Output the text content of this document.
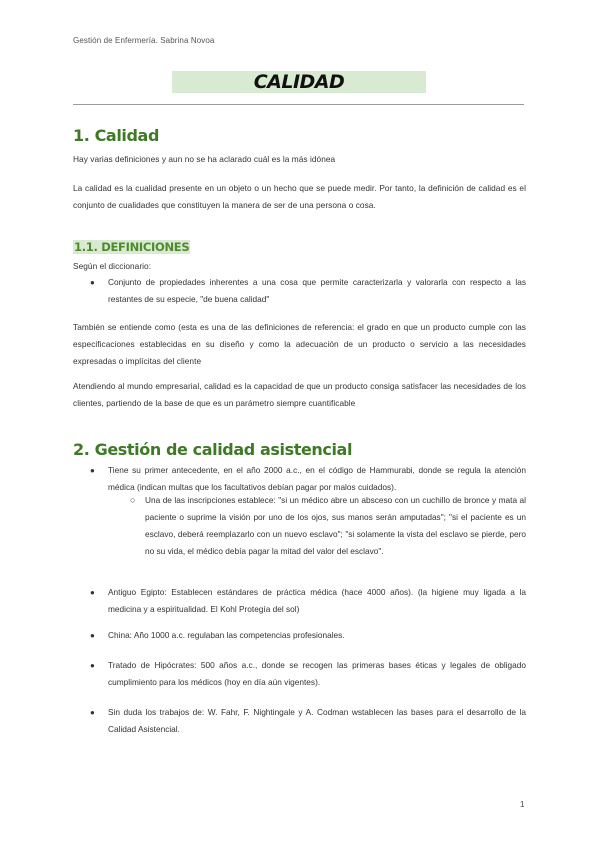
Gestión de Enfermería. Sabrina Novoa
CALIDAD
1. Calidad
Hay varias definiciones y aun no se ha aclarado cuál es la más idónea
La calidad es la cualidad presente en un objeto o un hecho que se puede medir. Por tanto, la definición de calidad es el conjunto de cualidades que constituyen la manera de ser de una persona o cosa.
1.1. DEFINICIONES
Según el diccionario:
● Conjunto de propiedades inherentes a una cosa que permite caracterizarla y valorarla con respecto a las restantes de su especie, "de buena calidad"
También se entiende como (esta es una de las definiciones de referencia: el grado en que un producto cumple con las especificaciones establecidas en su diseño y como la adecuación de un producto o servicio a las necesidades expresadas o implícitas del cliente
Atendiendo al mundo empresarial, calidad es la capacidad de que un producto consiga satisfacer las necesidades de los clientes, partiendo de la base de que es un parámetro siempre cuantificable
2. Gestión de calidad asistencial
● Tiene su primer antecedente, en el año 2000 a.c., en el código de Hammurabi, donde se regula la atención médica (indican multas que los facultativos debían pagar por malos cuidados).
○ Una de las inscripciones establece: "si un médico abre un absceso con un cuchillo de bronce y mata al paciente o suprime la visión por uno de los ojos, sus manos serán amputadas"; "si el paciente es un esclavo, deberá reemplazarlo con un nuevo esclavo"; "si solamente la vista del esclavo se pierde, pero no su vida, el médico debía pagar la mitad del valor del esclavo".
● Antiguo Egipto: Establecen estándares de práctica médica (hace 4000 años). (la higiene muy ligada a la medicina y a espiritualidad. El Kohl Protegía del sol)
● China: Año 1000 a.c. regulaban las competencias profesionales.
● Tratado de Hipócrates: 500 años a.c., donde se recogen las primeras bases éticas y legales de obligado cumplimiento para los médicos (hoy en día aún vigentes).
● Sin duda los trabajos de: W. Fahr, F. Nightingale y A. Codman wstablecen las bases para el desarrollo de la Calidad Asistencial.
1
